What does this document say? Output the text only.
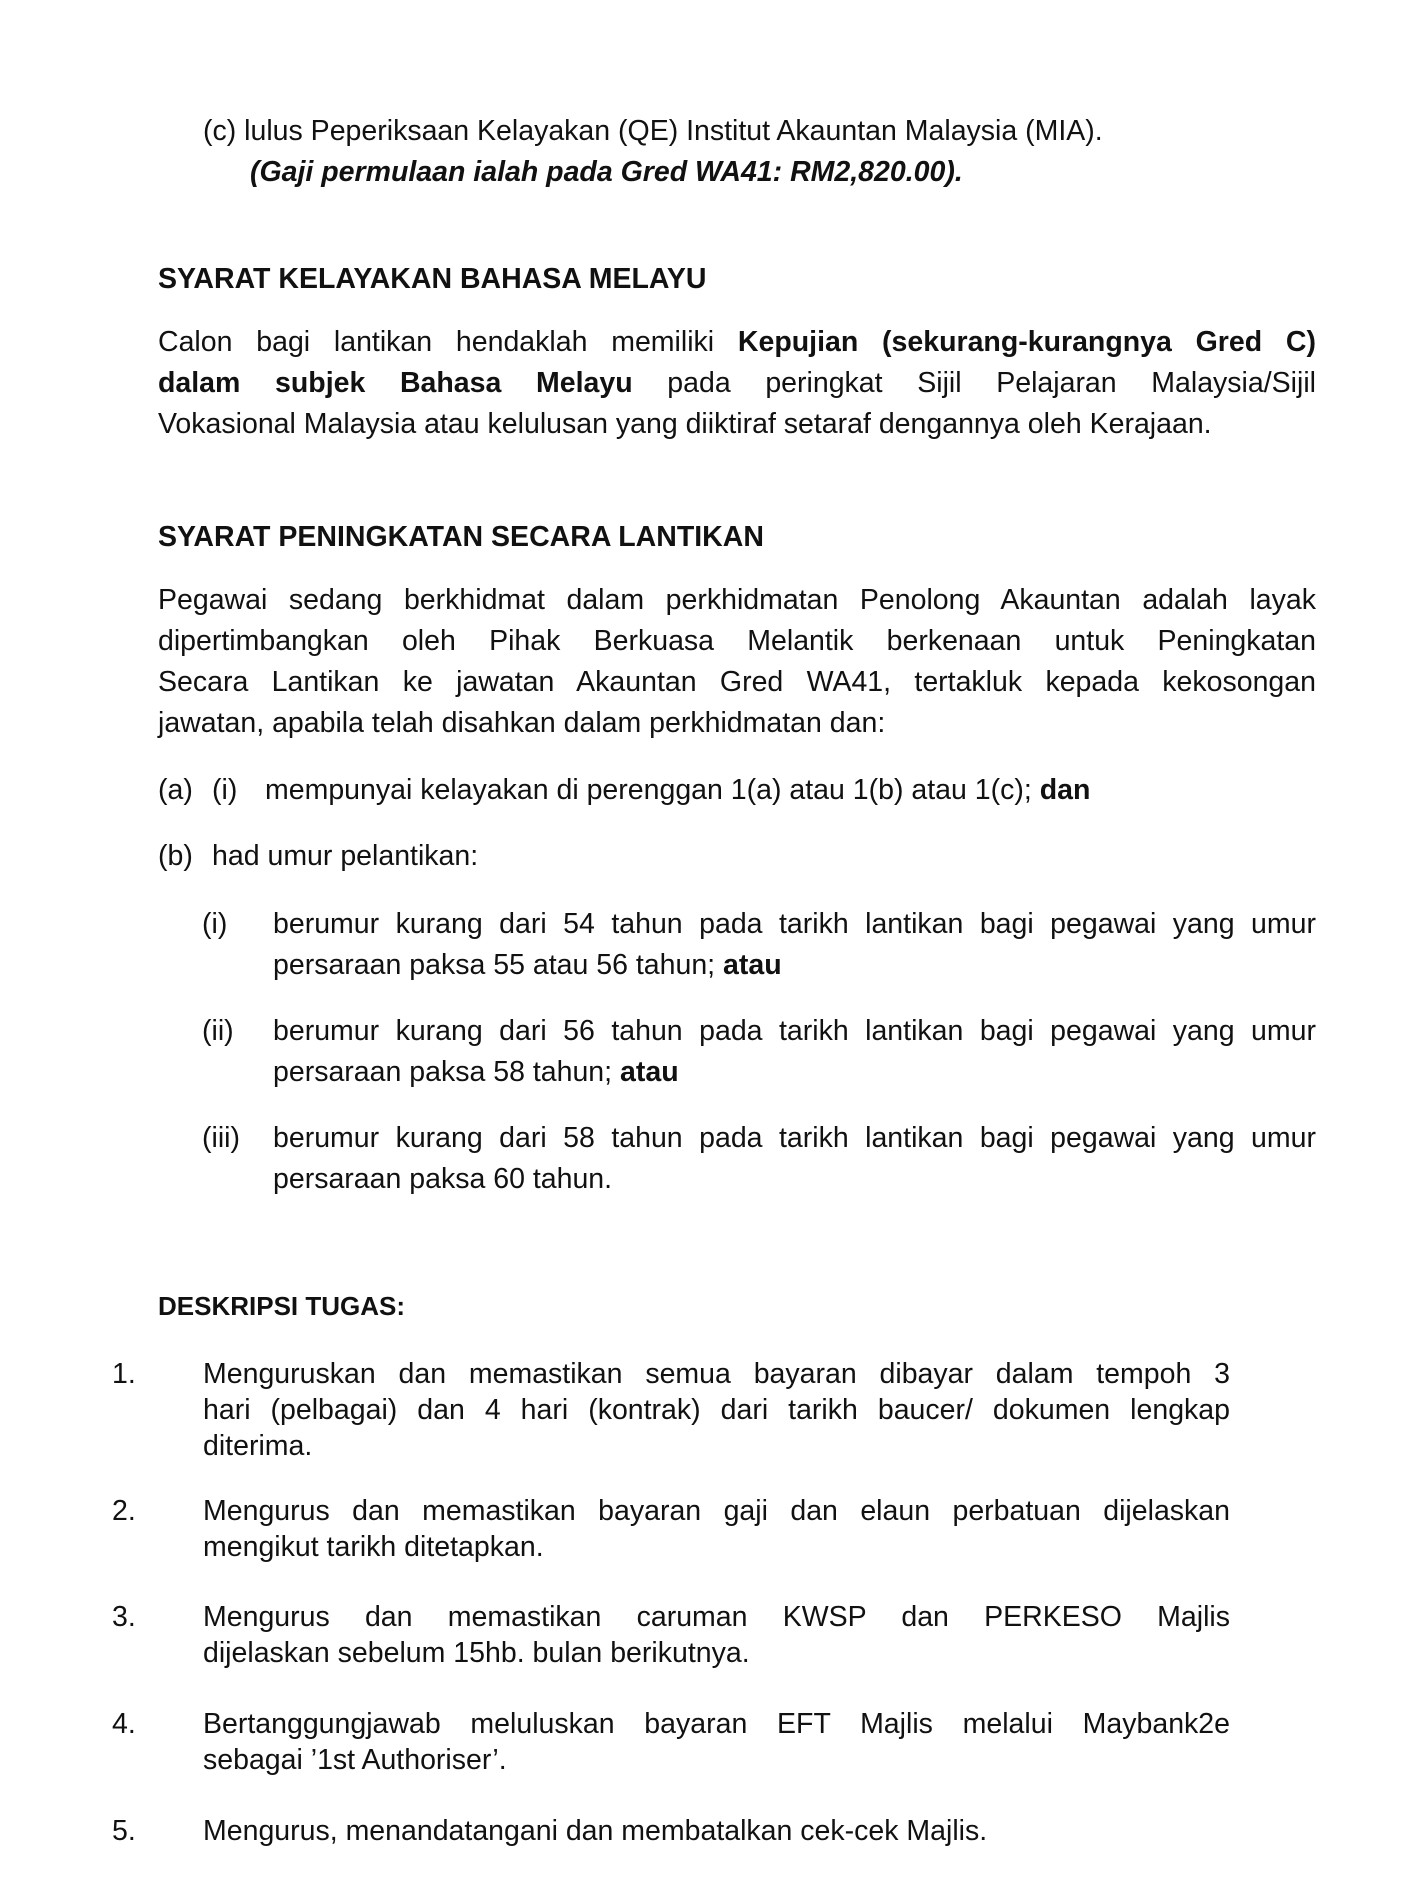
(c) lulus Peperiksaan Kelayakan (QE) Institut Akauntan Malaysia (MIA).
(Gaji permulaan ialah pada Gred WA41: RM2,820.00).
SYARAT KELAYAKAN BAHASA MELAYU
Calon bagi lantikan hendaklah memiliki Kepujian (sekurang-kurangnya Gred C)
dalam subjek Bahasa Melayu pada peringkat Sijil Pelajaran Malaysia/Sijil
Vokasional Malaysia atau kelulusan yang diiktiraf setaraf dengannya oleh Kerajaan.
SYARAT PENINGKATAN SECARA LANTIKAN
Pegawai sedang berkhidmat dalam perkhidmatan Penolong Akauntan adalah layak
dipertimbangkan oleh Pihak Berkuasa Melantik berkenaan untuk Peningkatan
Secara Lantikan ke jawatan Akauntan Gred WA41, tertakluk kepada kekosongan
jawatan, apabila telah disahkan dalam perkhidmatan dan:
(a) (i) mempunyai kelayakan di perenggan 1(a) atau 1(b) atau 1(c); dan
(b) had umur pelantikan:
(i) berumur kurang dari 54 tahun pada tarikh lantikan bagi pegawai yang umur
persaraan paksa 55 atau 56 tahun; atau
(ii) berumur kurang dari 56 tahun pada tarikh lantikan bagi pegawai yang umur
persaraan paksa 58 tahun; atau
(iii) berumur kurang dari 58 tahun pada tarikh lantikan bagi pegawai yang umur
persaraan paksa 60 tahun.
DESKRIPSI TUGAS:
1. Menguruskan dan memastikan semua bayaran dibayar dalam tempoh 3
hari (pelbagai) dan 4 hari (kontrak) dari tarikh baucer/ dokumen lengkap
diterima.
2. Mengurus dan memastikan bayaran gaji dan elaun perbatuan dijelaskan
mengikut tarikh ditetapkan.
3. Mengurus dan memastikan caruman KWSP dan PERKESO Majlis
dijelaskan sebelum 15hb. bulan berikutnya.
4. Bertanggungjawab meluluskan bayaran EFT Majlis melalui Maybank2e
sebagai ’1st Authoriser’.
5. Mengurus, menandatangani dan membatalkan cek-cek Majlis.
